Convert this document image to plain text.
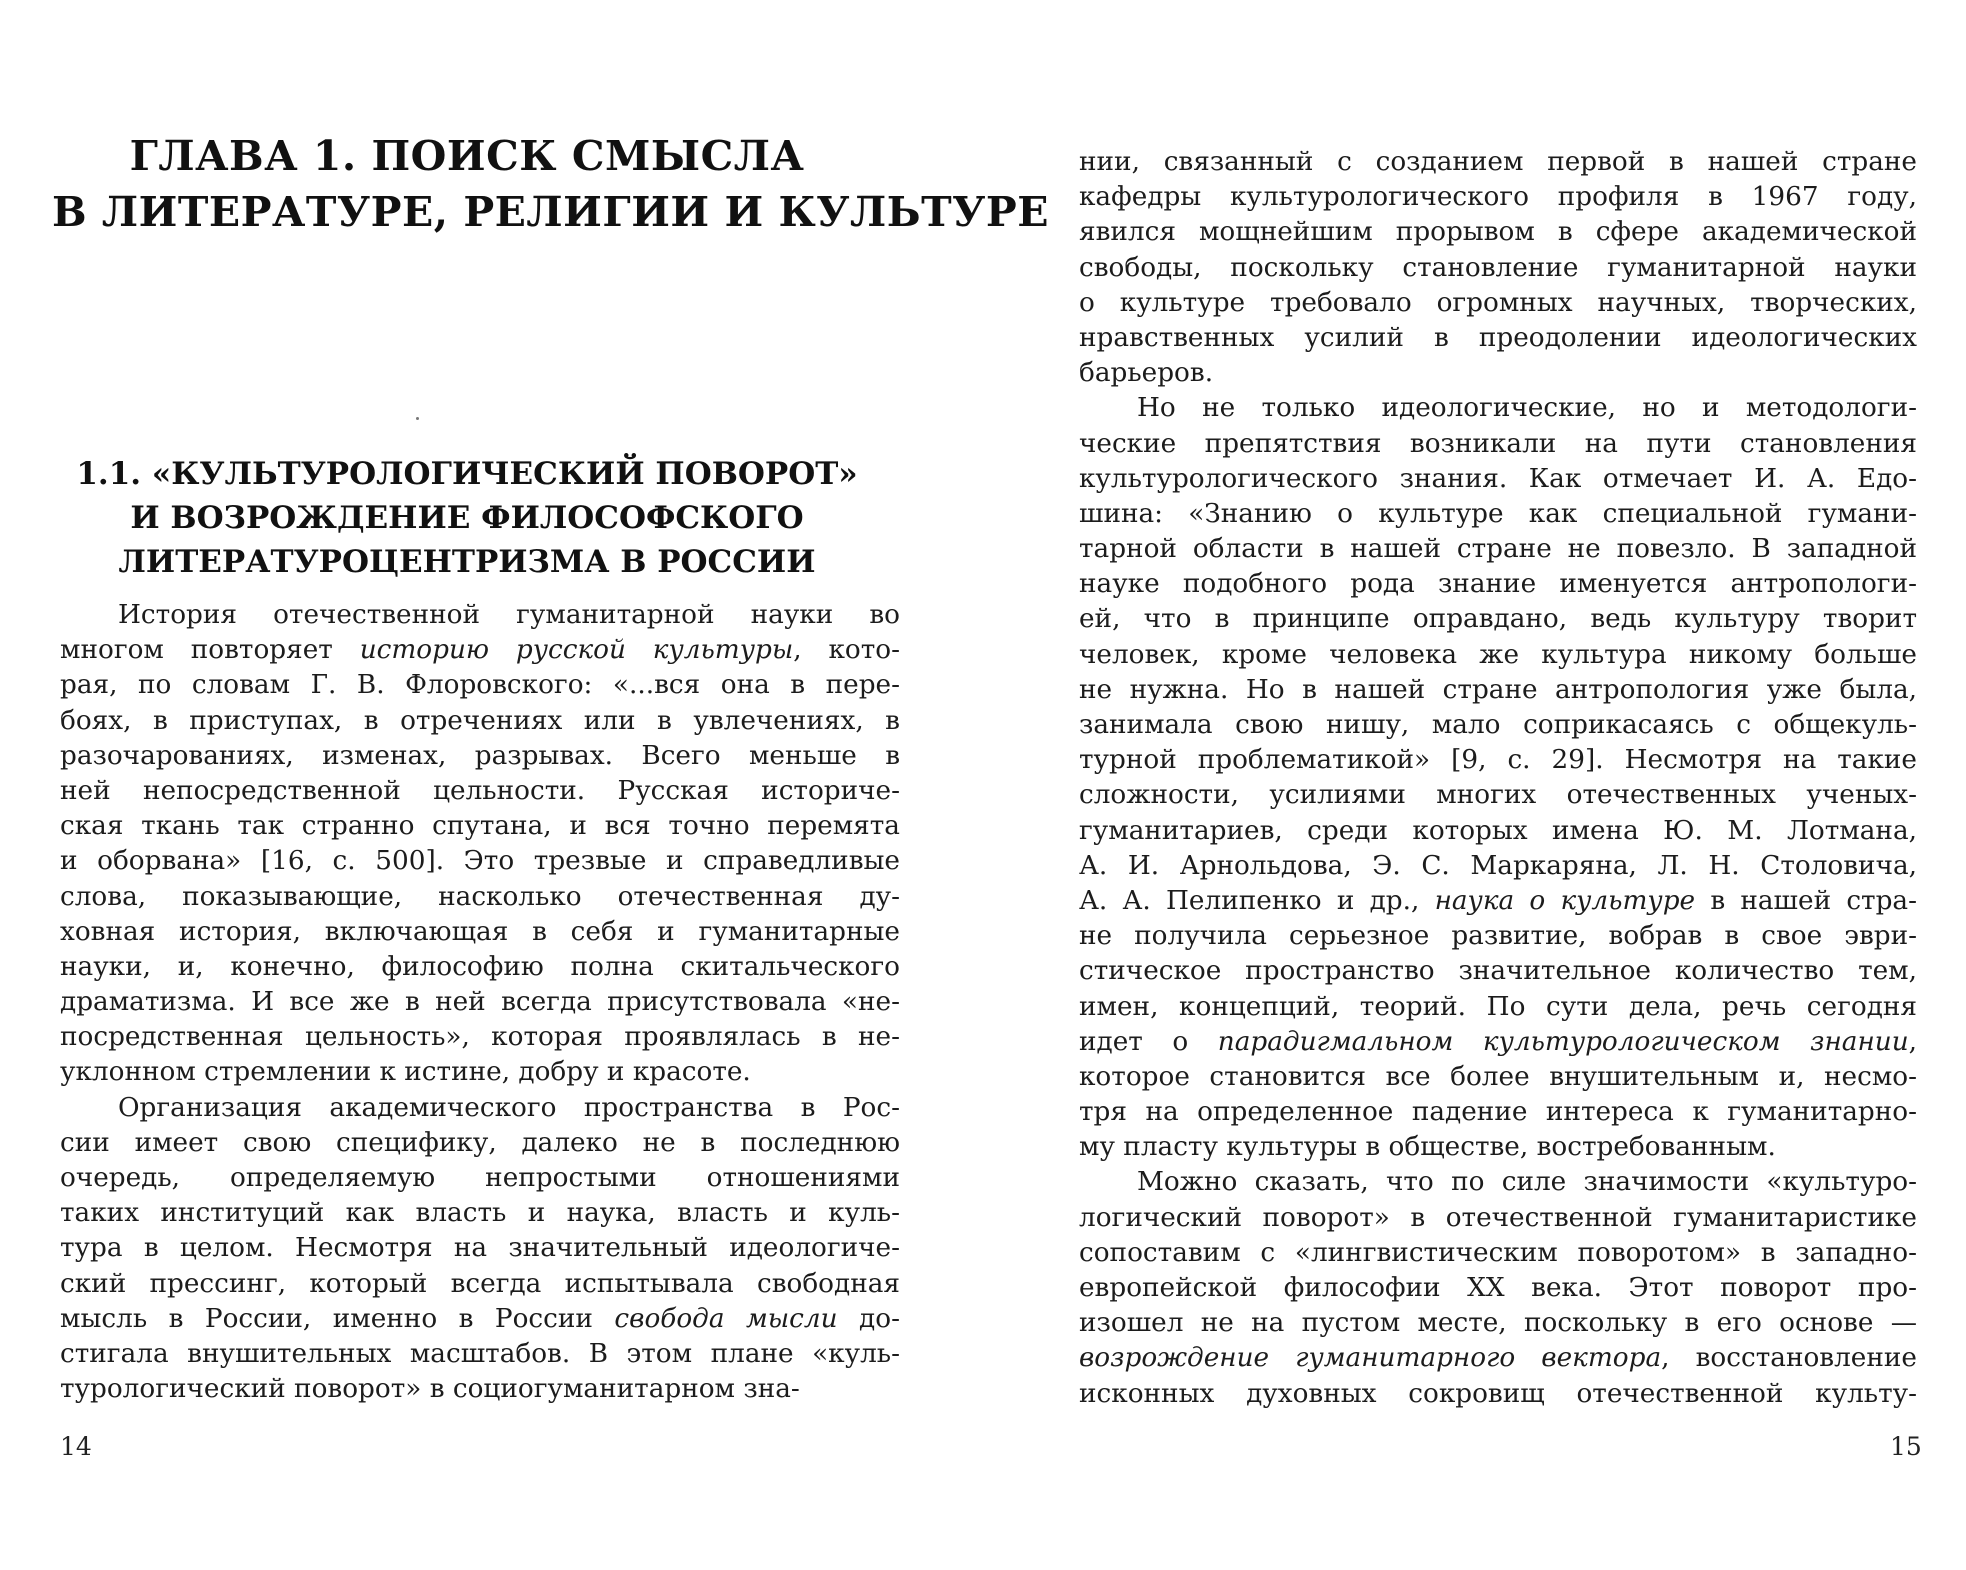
ГЛАВА 1. ПОИСК СМЫСЛА
В ЛИТЕРАТУРЕ, РЕЛИГИИ И КУЛЬТУРЕ
1.1. «КУЛЬТУРОЛОГИЧЕСКИЙ ПОВОРОТ»
И ВОЗРОЖДЕНИЕ ФИЛОСОФСКОГО
ЛИТЕРАТУРОЦЕНТРИЗМА В РОССИИ
История отечественной гуманитарной науки во
многом повторяет историю русской культуры, кото-
рая, по словам Г. В. Флоровского: «...вся она в пере-
боях, в приступах, в отречениях или в увлечениях, в
разочарованиях, изменах, разрывах. Всего меньше в
ней непосредственной цельности. Русская историче-
ская ткань так странно спутана, и вся точно перемята
и оборвана» [16, с. 500]. Это трезвые и справедливые
слова, показывающие, насколько отечественная ду-
ховная история, включающая в себя и гуманитарные
науки, и, конечно, философию полна скитальческого
драматизма. И все же в ней всегда присутствовала «не-
посредственная цельность», которая проявлялась в не-
уклонном стремлении к истине, добру и красоте.
Организация академического пространства в Рос-
сии имеет свою специфику, далеко не в последнюю
очередь, определяемую непростыми отношениями
таких институций как власть и наука, власть и куль-
тура в целом. Несмотря на значительный идеологиче-
ский прессинг, который всегда испытывала свободная
мысль в России, именно в России свобода мысли до-
стигала внушительных масштабов. В этом плане «куль-
турологический поворот» в социогуманитарном зна-
14
нии, связанный с созданием первой в нашей стране
кафедры культурологического профиля в 1967 году,
явился мощнейшим прорывом в сфере академической
свободы, поскольку становление гуманитарной науки
о культуре требовало огромных научных, творческих,
нравственных усилий в преодолении идеологических
барьеров.
Но не только идеологические, но и методологи-
ческие препятствия возникали на пути становления
культурологического знания. Как отмечает И. А. Едо-
шина: «Знанию о культуре как специальной гумани-
тарной области в нашей стране не повезло. В западной
науке подобного рода знание именуется антропологи-
ей, что в принципе оправдано, ведь культуру творит
человек, кроме человека же культура никому больше
не нужна. Но в нашей стране антропология уже была,
занимала свою нишу, мало соприкасаясь с общекуль-
турной проблематикой» [9, с. 29]. Несмотря на такие
сложности, усилиями многих отечественных ученых-
гуманитариев, среди которых имена Ю. М. Лотмана,
А. И. Арнольдова, Э. С. Маркаряна, Л. Н. Столовича,
А. А. Пелипенко и др., наука о культуре в нашей стра-
не получила серьезное развитие, вобрав в свое эври-
стическое пространство значительное количество тем,
имен, концепций, теорий. По сути дела, речь сегодня
идет о парадигмальном культурологическом знании,
которое становится все более внушительным и, несмо-
тря на определенное падение интереса к гуманитарно-
му пласту культуры в обществе, востребованным.
Можно сказать, что по силе значимости «культуро-
логический поворот» в отечественной гуманитаристике
сопоставим с «лингвистическим поворотом» в западно-
европейской философии XX века. Этот поворот про-
изошел не на пустом месте, поскольку в его основе —
возрождение гуманитарного вектора, восстановление
исконных духовных сокровищ отечественной культу-
15
